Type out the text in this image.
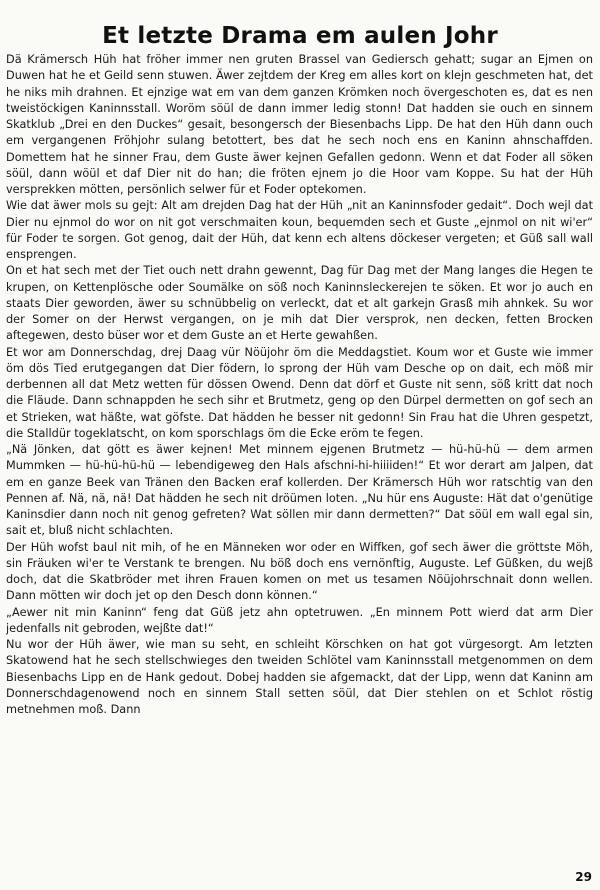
Et letzte Drama em aulen Johr

Dä Krämersch Hüh hat fröher immer nen gruten Brassel van Gediersch gehatt; sugar an Ejmen on Duwen hat he et Geild senn stuwen. Äwer zejtdem der Kreg em alles kort on klejn geschmeten hat, det he niks mih drahnen. Et ejnzige wat em van dem ganzen Krömken noch övergeschoten es, dat es nen tweistöckigen Kaninnsstall. Woröm söül de dann immer ledig stonn! Dat hadden sie ouch en sinnem Skatklub „Drei en den Duckes“ gesait, besongersch der Biesenbachs Lipp. De hat den Hüh dann ouch em vergangenen Fröhjohr sulang betottert, bes dat he sech noch ens en Kaninn ahnschaffden. Domettem hat he sinner Frau, dem Guste äwer kejnen Gefallen gedonn. Wenn et dat Foder all söken söül, dann wöül et daf Dier nit do han; die fröten ejnem jo die Hoor vam Koppe. Su hat der Hüh versprekken mötten, persönlich selwer für et Foder optekomen.

Wie dat äwer mols su gejt: Alt am drejden Dag hat der Hüh „nit an Kaninnsfoder gedait“. Doch wejl dat Dier nu ejnmol do wor on nit got verschmaiten koun, bequemden sech et Guste „ejnmol on nit wi'er“ für Foder te sorgen. Got genog, dait der Hüh, dat kenn ech altens döckeser vergeten; et Güß sall wall ensprengen.

On et hat sech met der Tiet ouch nett drahn gewennt, Dag für Dag met der Mang langes die Hegen te krupen, on Kettenplösche oder Soumälke on söß noch Kaninnsleckerejen te söken. Et wor jo auch en staats Dier geworden, äwer su schnübbelig on verleckt, dat et alt garkejn Grasß mih ahnkek. Su wor der Somer on der Herwst vergangen, on je mih dat Dier versprok, nen decken, fetten Brocken aftegewen, desto büser wor et dem Guste an et Herte gewahßen.

Et wor am Donnerschdag, drej Daag vür Nöüjohr öm die Meddagstiet. Koum wor et Guste wie immer öm dös Tied erutgegangen dat Dier födern, lo sprong der Hüh vam Desche op on dait, ech möß mir derbennen all dat Metz wetten für dössen Owend. Denn dat dörf et Guste nit senn, söß kritt dat noch die Fläude. Dann schnappden he sech sihr et Brutmetz, geng op den Dürpel dermetten on gof sech an et Strieken, wat häßte, wat göfste. Dat hädden he besser nit gedonn! Sin Frau hat die Uhren gespetzt, die Stalldür togeklatscht, on kom sporschlags öm die Ecke eröm te fegen.

„Nä Jönken, dat gött es äwer kejnen! Met minnem ejgenen Brutmetz — hü-hü-hü — dem armen Mummken — hü-hü-hü-hü — lebendigeweg den Hals afschni-hi-hiiiiden!“ Et wor derart am Jalpen, dat em en ganze Beek van Tränen den Backen eraf kollerden. Der Krämersch Hüh wor ratschtig van den Pennen af. Nä, nä, nä! Dat hädden he sech nit dröümen loten. „Nu hür ens Auguste: Hät dat o'genütige Kaninsdier dann noch nit genog gefreten? Wat söllen mir dann dermetten?“ Dat söül em wall egal sin, sait et, bluß nicht schlachten.

Der Hüh wofst baul nit mih, of he en Männeken wor oder en Wiffken, gof sech äwer die gröttste Möh, sin Fräuken wi'er te Verstank te brengen. Nu böß doch ens vernönftig, Auguste. Lef Güßken, du wejß doch, dat die Skatbröder met ihren Frauen komen on met us tesamen Nöüjohrschnait donn wellen. Dann mötten wir doch jet op den Desch donn können.“

„Aewer nit min Kaninn“ feng dat Güß jetz ahn optetruwen. „En minnem Pott wierd dat arm Dier jedenfalls nit gebroden, wejßte dat!“

Nu wor der Hüh äwer, wie man su seht, en schleiht Körschken on hat got vürgesorgt. Am letzten Skatowend hat he sech stellschwieges den tweiden Schlötel vam Kaninnsstall metgenommen on dem Biesenbachs Lipp en de Hank gedout. Dobej hadden sie afgemackt, dat der Lipp, wenn dat Kaninn am Donnerschdagenowend noch en sinnem Stall setten söül, dat Dier stehlen on et Schlot röstig metnehmen moß. Dann

29
